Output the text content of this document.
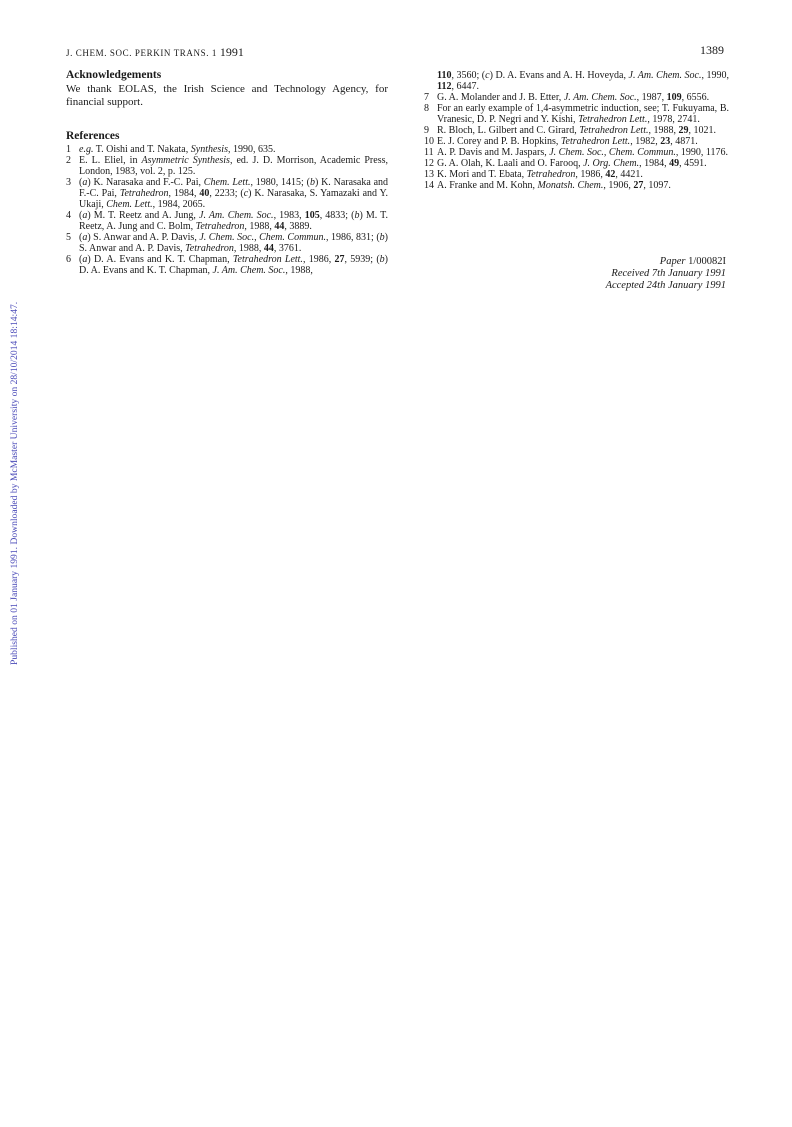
Published on 01 January 1991. Downloaded by McMaster University on 28/10/2014 18:14:47.
J. CHEM. SOC. PERKIN TRANS. 1 1991	1389
Acknowledgements

We thank EOLAS, the Irish Science and Technology Agency, for financial support.

References
1 e.g. T. Oishi and T. Nakata, Synthesis, 1990, 635.
2 E. L. Eliel, in Asymmetric Synthesis, ed. J. D. Morrison, Academic Press, London, 1983, vol. 2, p. 125.
3 (a) K. Narasaka and F.-C. Pai, Chem. Lett., 1980, 1415; (b) K. Narasaka and F.-C. Pai, Tetrahedron, 1984, 40, 2233; (c) K. Narasaka, S. Yamazaki and Y. Ukaji, Chem. Lett., 1984, 2065.
4 (a) M. T. Reetz and A. Jung, J. Am. Chem. Soc., 1983, 105, 4833; (b) M. T. Reetz, A. Jung and C. Bolm, Tetrahedron, 1988, 44, 3889.
5 (a) S. Anwar and A. P. Davis, J. Chem. Soc., Chem. Commun., 1986, 831; (b) S. Anwar and A. P. Davis, Tetrahedron, 1988, 44, 3761.
6 (a) D. A. Evans and K. T. Chapman, Tetrahedron Lett., 1986, 27, 5939; (b) D. A. Evans and K. T. Chapman, J. Am. Chem. Soc., 1988,

110, 3560; (c) D. A. Evans and A. H. Hoveyda, J. Am. Chem. Soc., 1990, 112, 6447.

7 G. A. Molander and J. B. Etter, J. Am. Chem. Soc., 1987, 109, 6556.
8 For an early example of 1,4-asymmetric induction, see; T. Fukuyama, B. Vranesic, D. P. Negri and Y. Kishi, Tetrahedron Lett., 1978, 2741.
9 R. Bloch, L. Gilbert and C. Girard, Tetrahedron Lett., 1988, 29, 1021.
10 E. J. Corey and P. B. Hopkins, Tetrahedron Lett., 1982, 23, 4871.
11 A. P. Davis and M. Jaspars, J. Chem. Soc., Chem. Commun., 1990, 1176.
12 G. A. Olah, K. Laali and O. Farooq, J. Org. Chem., 1984, 49, 4591.
13 K. Mori and T. Ebata, Tetrahedron, 1986, 42, 4421.
14 A. Franke and M. Kohn, Monatsh. Chem., 1906, 27, 1097.
Paper 1/00082I
Received 7th January 1991
Accepted 24th January 1991
